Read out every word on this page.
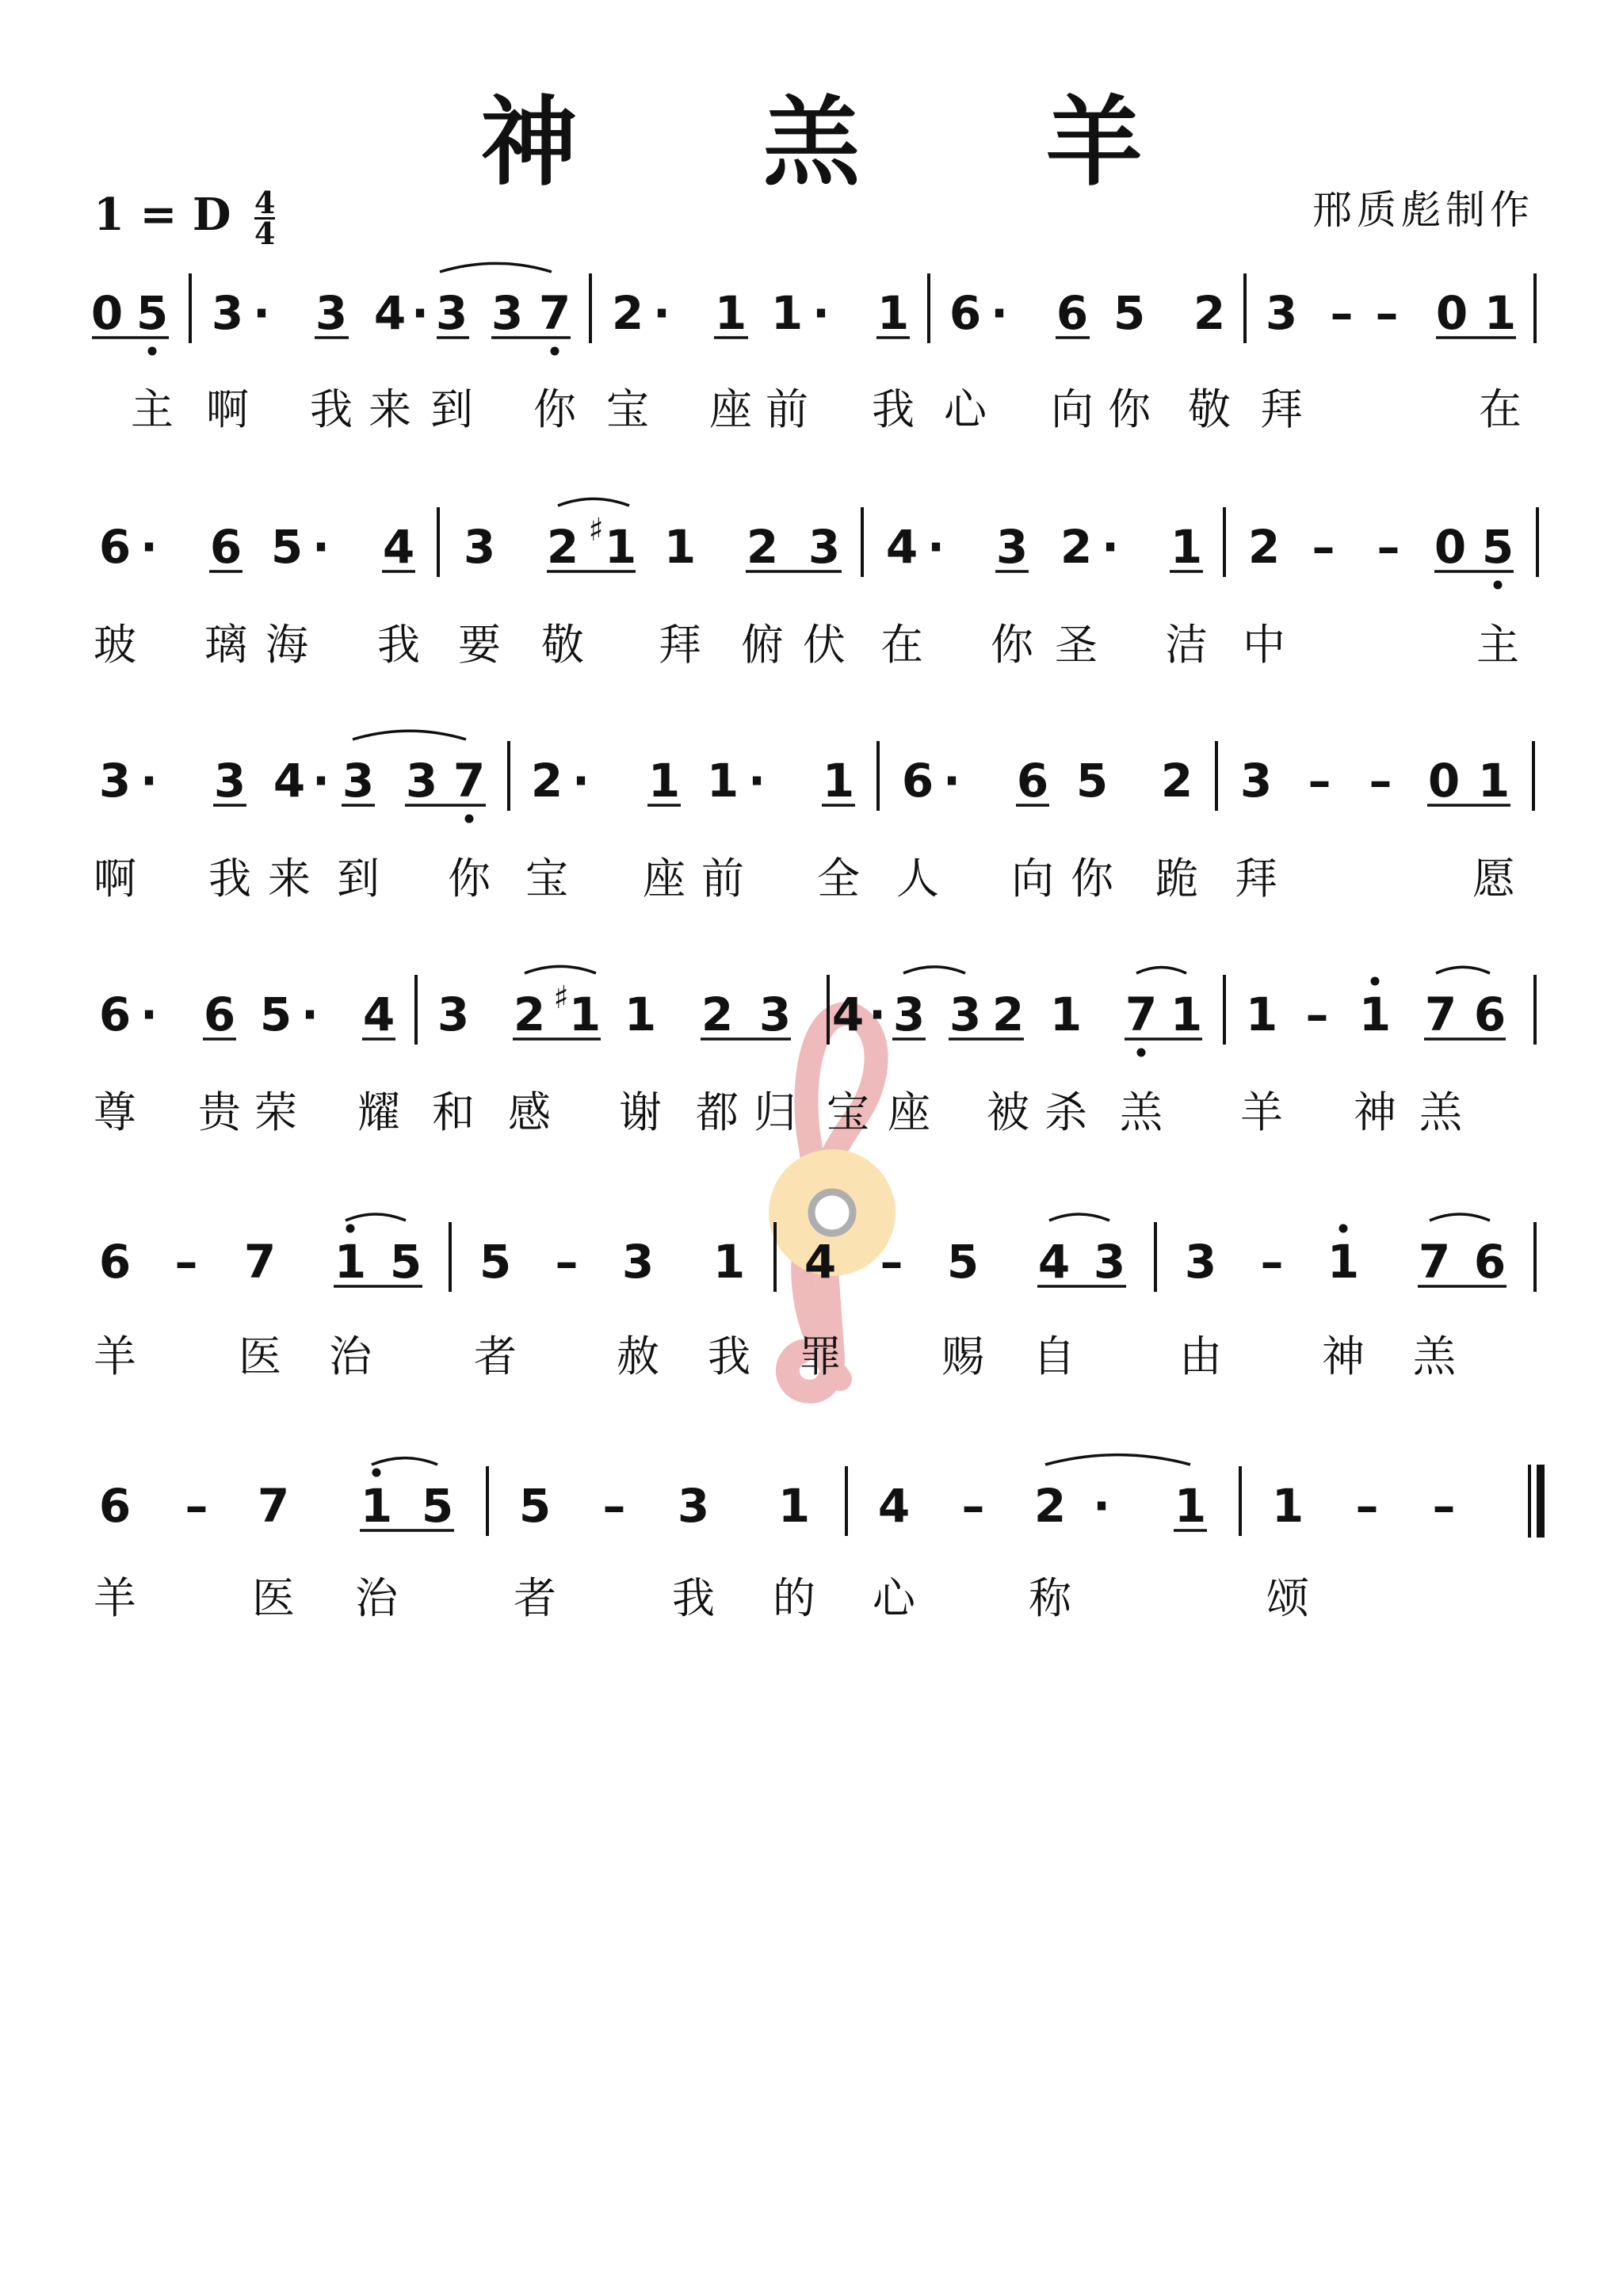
神 羔 羊
1 = D $\frac{4}{4}$	邢质彪制作
0 5 3 · 3 4 · 3 3 7 2 · 1 1 · 1 6 · 6 5 2 3 – – 0 1
主 啊 我 来 到 你 宝 座 前 我 心 向 你 敬 拜	在
6 · 6 5 · 4 3 2 ♯ 1 1 2 3 4 · 3 2 · 1 2 – – 0 5
玻 璃 海 我 要 敬 拜 俯 伏 在 你 圣 洁 中	主
3 · 3 4 · 3 3 7 2 · 1 1 · 1 6 · 6 5 2 3 – – 0 1
啊 我 来 到 你 宝 座 前 全 人 向 你 跪 拜	愿
6 · 6 5 · 4 3 2 ♯ 1 1 2 3 4 · 3 3 2 1 7 1 1 – 1 7 6
尊 贵 荣 耀 和 感 谢 都 归 宝 座 被 杀 羔 羊 神 羔
6 – 7 1 5 5 – 3 1 4 – 5 4 3 3 – 1 7 6
羊 医 治 者 赦 我 罪 赐 自 由 神 羔
6 – 7 1 5 5 – 3 1 4 – 2 · 1 1 – –
羊	医 治	者	我 的 心	称	颂
